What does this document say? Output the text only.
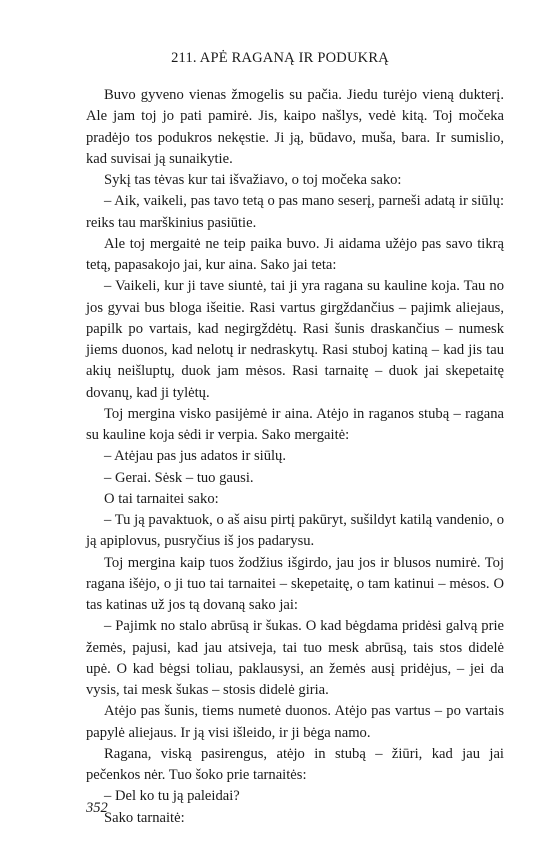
211. APĖ RAGANĄ IR PODUKRĄ

Buvo gyveno vienas žmogelis su pačia. Jiedu turėjo vieną dukterį. Ale jam toj jo pati pamirė. Jis, kaipo našlys, vedė kitą. Toj močeka pradėjo tos podukros nekęstie. Ji ją, būdavo, muša, bara. Ir sumislio, kad suvisai ją sunaikytie.

Sykį tas tėvas kur tai išvažiavo, o toj močeka sako:

– Aik, vaikeli, pas tavo tetą o pas mano seserį, parneši adatą ir siūlų: reiks tau marškinius pasiūtie.

Ale toj mergaitė ne teip paika buvo. Ji aidama užėjo pas savo tikrą tetą, papasakojo jai, kur aina. Sako jai teta:

– Vaikeli, kur ji tave siuntė, tai ji yra ragana su kauline koja. Tau no jos gyvai bus bloga išeitie. Rasi vartus girgždančius – pajimk aliejaus, papilk po vartais, kad negirgždėtų. Rasi šunis draskančius – numesk jiems duonos, kad nelotų ir nedraskytų. Rasi stuboj katiną – kad jis tau akių neišluptų, duok jam mėsos. Rasi tarnaitę – duok jai skepetaitę dovanų, kad ji tylėtų.

Toj mergina visko pasijėmė ir aina. Atėjo in raganos stubą – ragana su kauline koja sėdi ir verpia. Sako mergaitė:

– Atėjau pas jus adatos ir siūlų.

– Gerai. Sėsk – tuo gausi.

O tai tarnaitei sako:

– Tu ją pavaktuok, o aš aisu pirtį pakūryt, sušildyt katilą vandenio, o ją apiplovus, pusryčius iš jos padarysu.

Toj mergina kaip tuos žodžius išgirdo, jau jos ir blusos numirė. Toj ragana išėjo, o ji tuo tai tarnaitei – skepetaitę, o tam katinui – mėsos. O tas katinas už jos tą dovaną sako jai:

– Pajimk no stalo abrūsą ir šukas. O kad bėgdama pridėsi galvą prie žemės, pajusi, kad jau atsiveja, tai tuo mesk abrūsą, tais stos didelė upė. O kad bėgsi toliau, paklausysi, an žemės ausį pridėjus, – jei da vysis, tai mesk šukas – stosis didelė giria.

Atėjo pas šunis, tiems numetė duonos. Atėjo pas vartus – po vartais papylė aliejaus. Ir ją visi išleido, ir ji bėga namo.

Ragana, viską pasirengus, atėjo in stubą – žiūri, kad jau jai pečenkos nėr. Tuo šoko prie tarnaitės:

– Del ko tu ją paleidai?

Sako tarnaitė:

352
